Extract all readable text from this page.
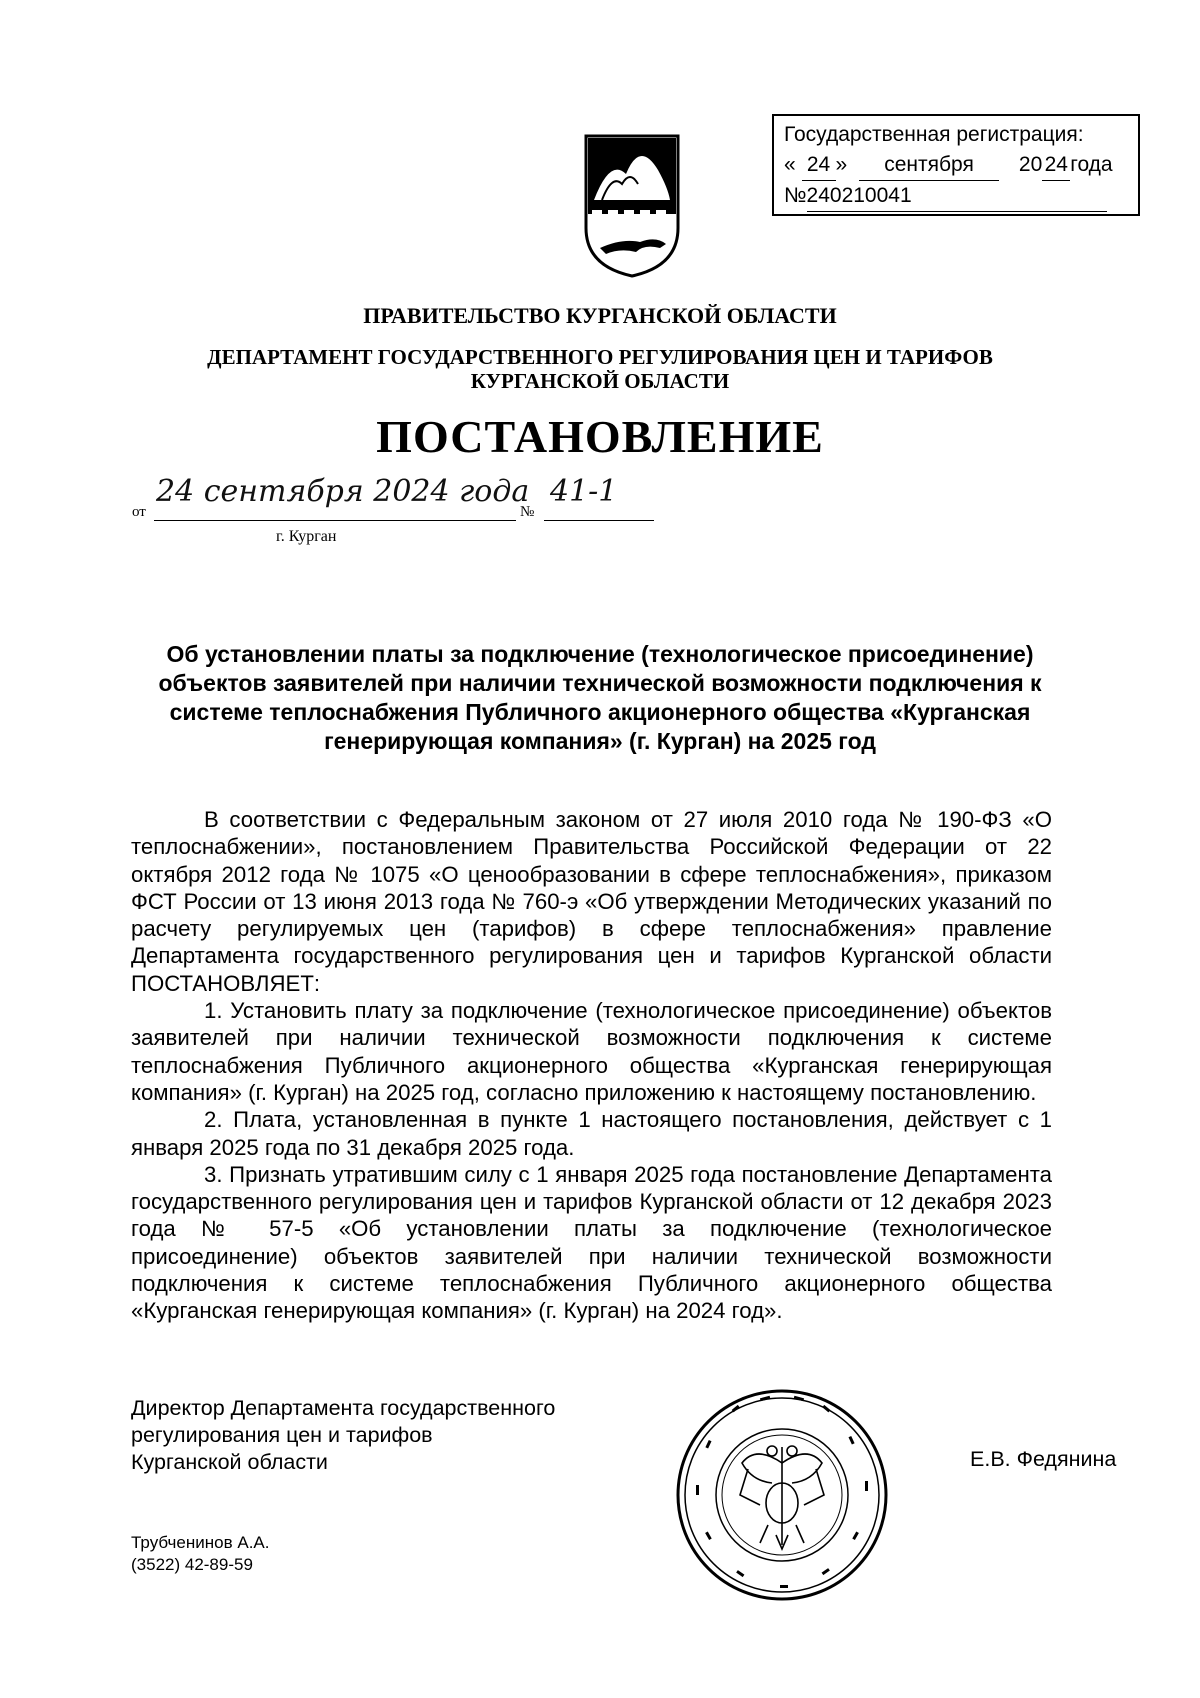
Государственная регистрация:
« 24 » сентября 20 24 года
№240210041
ПРАВИТЕЛЬСТВО КУРГАНСКОЙ ОБЛАСТИ
ДЕПАРТАМЕНТ ГОСУДАРСТВЕННОГО РЕГУЛИРОВАНИЯ ЦЕН И ТАРИФОВ
КУРГАНСКОЙ ОБЛАСТИ
ПОСТАНОВЛЕНИЕ
от
24 сентября 2024 года
№
41-1
г. Курган
Об установлении платы за подключение (технологическое присоединение) объектов заявителей при наличии технической возможности подключения к системе теплоснабжения Публичного акционерного общества «Курганская генерирующая компания» (г. Курган) на 2025 год

В соответствии с Федеральным законом от 27 июля 2010 года № 190-ФЗ «О теплоснабжении», постановлением Правительства Российской Федерации от 22 октября 2012 года № 1075 «О ценообразовании в сфере теплоснабжения», приказом ФСТ России от 13 июня 2013 года № 760-э «Об утверждении Методических указаний по расчету регулируемых цен (тарифов) в сфере теплоснабжения» правление Департамента государственного регулирования цен и тарифов Курганской области ПОСТАНОВЛЯЕТ:

1. Установить плату за подключение (технологическое присоединение) объектов заявителей при наличии технической возможности подключения к системе теплоснабжения Публичного акционерного общества «Курганская генерирующая компания» (г. Курган) на 2025 год, согласно приложению к настоящему постановлению.

2. Плата, установленная в пункте 1 настоящего постановления, действует с 1 января 2025 года по 31 декабря 2025 года.

3. Признать утратившим силу с 1 января 2025 года постановление Департамента государственного регулирования цен и тарифов Курганской области от 12 декабря 2023 года № 57-5 «Об установлении платы за подключение (технологическое присоединение) объектов заявителей при наличии технической возможности подключения к системе теплоснабжения Публичного акционерного общества «Курганская генерирующая компания» (г. Курган) на 2024 год».

Директор Департамента государственного
регулирования цен и тарифов
Курганской области	Е.В. Федянина
Трубченинов А.А.
(3522) 42-89-59
